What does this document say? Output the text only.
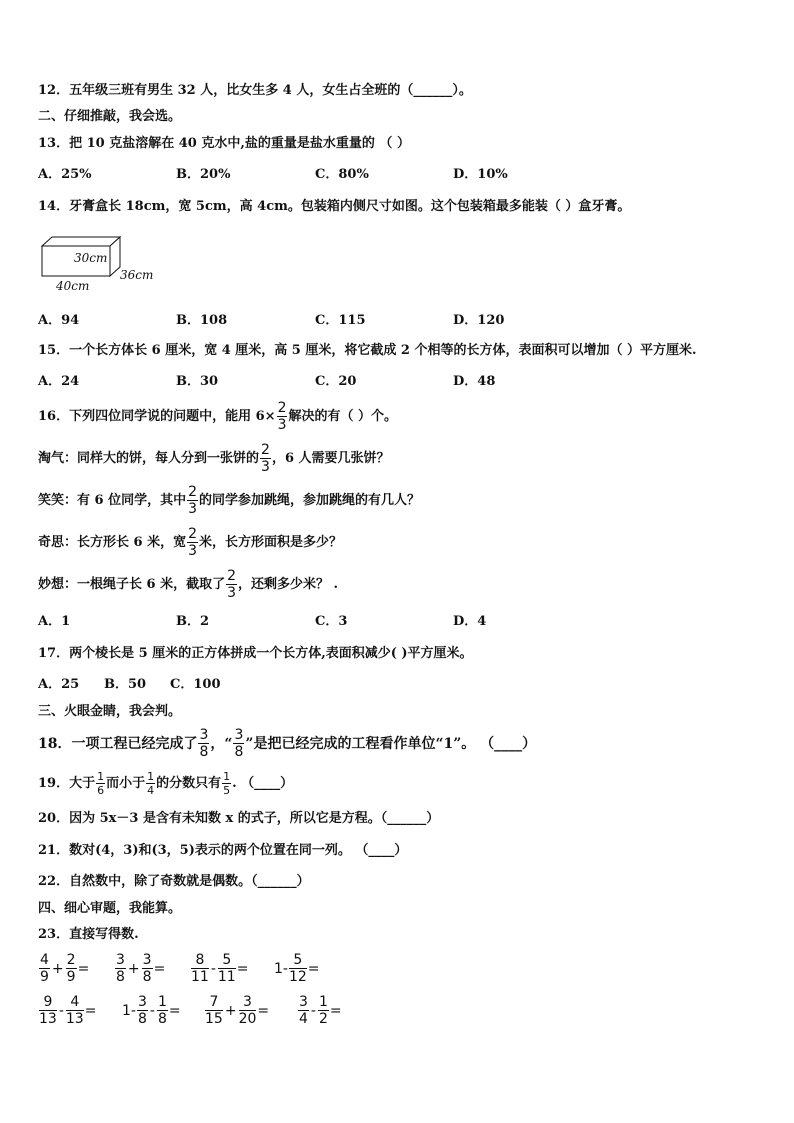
12．五年级三班有男生 32 人，比女生多 4 人，女生占全班的（______）。
二、仔细推敲，我会选。
13．把 10 克盐溶解在 40 克水中,盐的重量是盐水重量的 （ ）
A．25%	B．20%	C．80%	D．10%
14．牙膏盒长 18cm，宽 5cm，高 4cm。包装箱内侧尺寸如图。这个包装箱最多能装（ ）盒牙膏。
30cm
36cm
40cm
A．94	B．108	C．115	D．120
15．一个长方体长 6 厘米，宽 4 厘米，高 5 厘米，将它截成 2 个相等的长方体，表面积可以增加（ ）平方厘米.
A．24	B．30	C．20	D．48
16．下列四位同学说的问题中，能用 $6\times \frac{2}{3}$ 解决的有（ ）个。
淘气：同样大的饼，每人分到一张饼的 $\frac{2}{3}$ ，6 人需要几张饼？
笑笑：有 6 位同学，其中 $\frac{2}{3}$ 的同学参加跳绳，参加跳绳的有几人？
奇思：长方形长 6 米，宽 $\frac{2}{3}$ 米，长方形面积是多少？
妙想：一根绳子长 6 米，截取了 $\frac{2}{3}$ ，还剩多少米？ .
A．1	B．2	C．3	D．4
17．两个棱长是 5 厘米的正方体拼成一个长方体,表面积减少( )平方厘米。
A．25 B．50 C．100
三、火眼金睛，我会判。
18．一项工程已经完成了 $\frac{3}{8}$ ，“ $\frac{3}{8}$ ”是把已经完成的工程看作单位“1”。 （____）
19．大于 $\frac{1}{6}$ 而小于 $\frac{1}{4}$ 的分数只有 $\frac{1}{5}$ . （____）
20．因为 5x－3 是含有未知数 x 的式子，所以它是方程。（______）
21．数对(4，3)和(3，5)表示的两个位置在同一列。 （____）
22．自然数中，除了奇数就是偶数。（______）
四、细心审题，我能算。
23．直接写得数.
$\frac{4}{9} + \frac{2}{9} = \frac{3}{8} + \frac{3}{8} = \frac{8}{11} - \frac{5}{11} = 1- \frac{5}{12}$ =
$\frac{9}{13} - \frac{4}{13} = 1- \frac{3}{8} - \frac{1}{8} = \frac{7}{15} + \frac{3}{20} = \frac{3}{4} - \frac{1}{2}$ =
